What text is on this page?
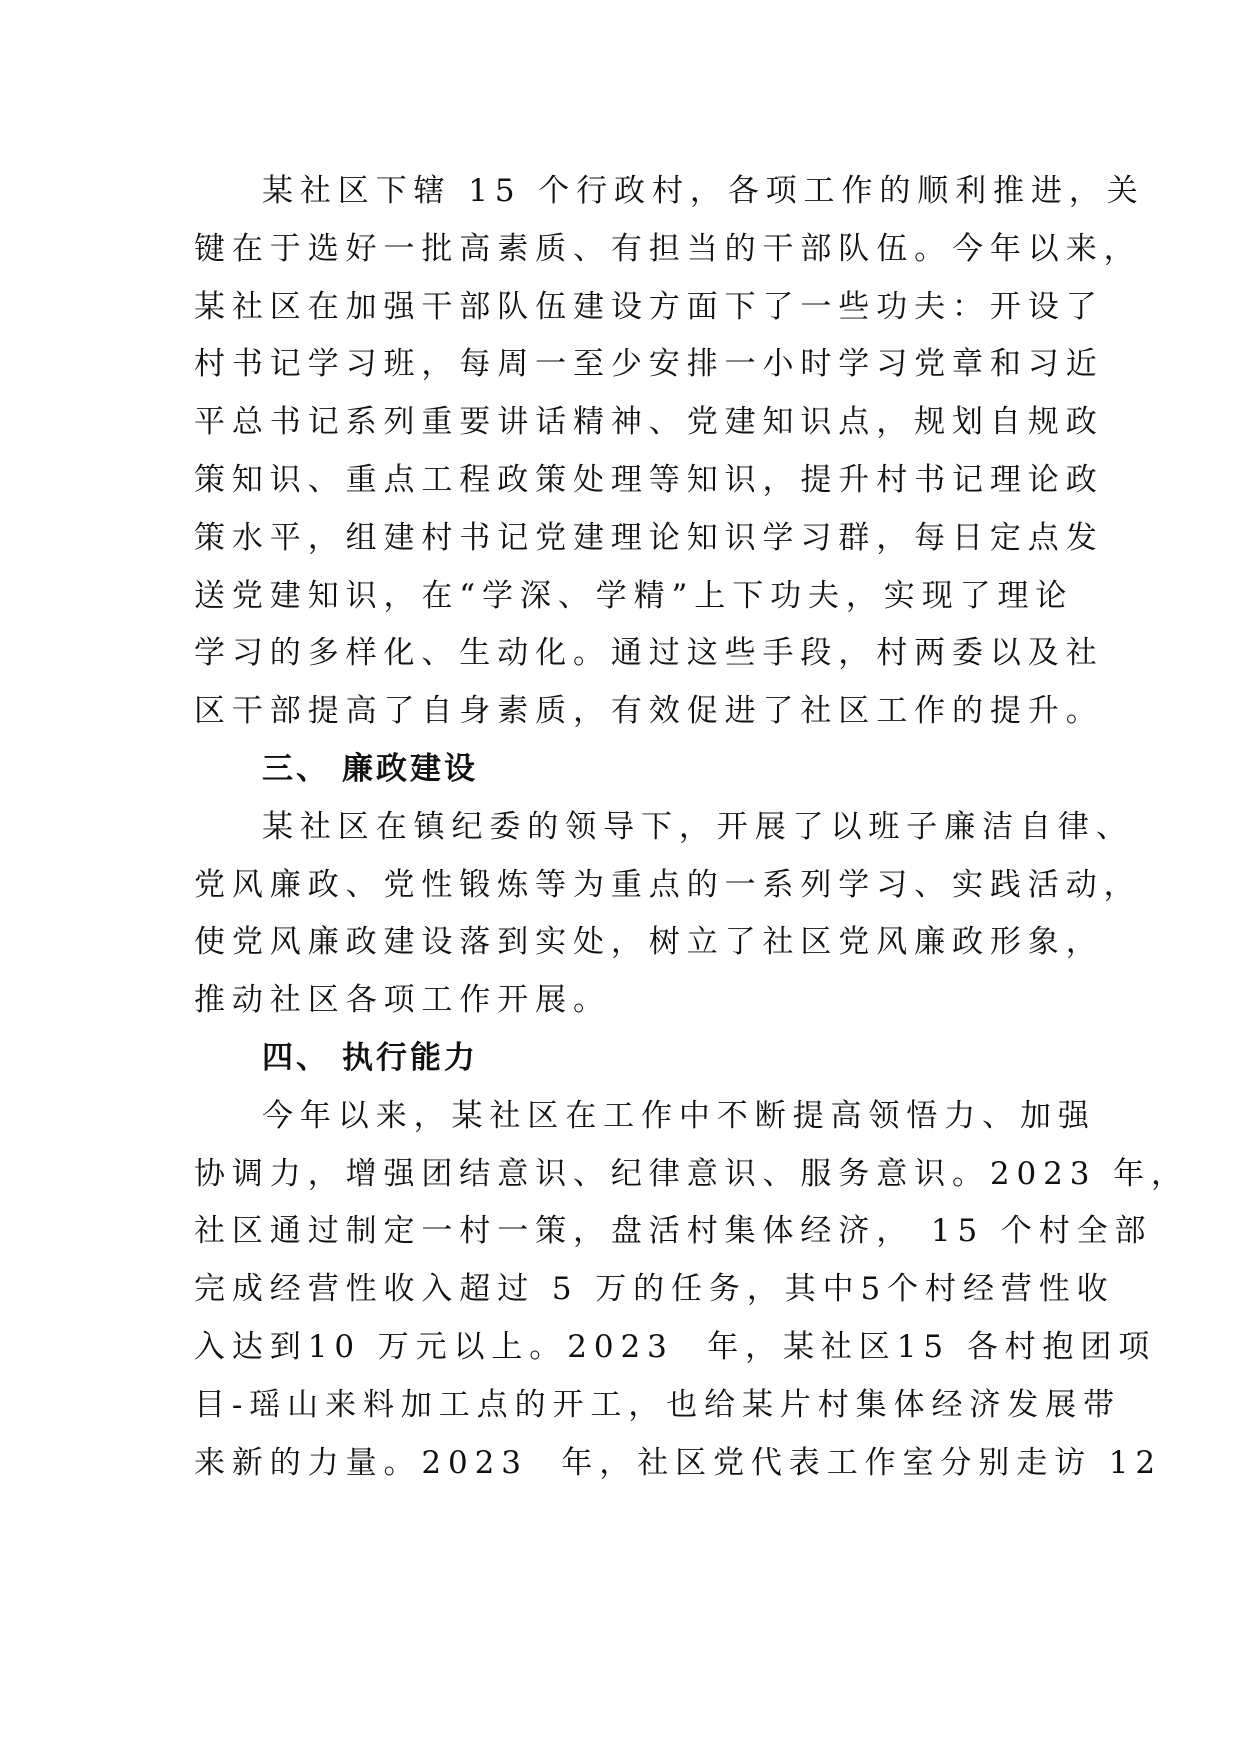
某社区下辖 15 个行政村，各项工作的顺利推进，关
键在于选好一批高素质、有担当的干部队伍。今年以来，
某社区在加强干部队伍建设方面下了一些功夫：开设了
村书记学习班，每周一至少安排一小时学习党章和习近
平总书记系列重要讲话精神、党建知识点，规划自规政
策知识、重点工程政策处理等知识，提升村书记理论政
策水平，组建村书记党建理论知识学习群，每日定点发
送党建知识，在“学深、学精”上下功夫，实现了理论
学习的多样化、生动化。通过这些手段，村两委以及社
区干部提高了自身素质，有效促进了社区工作的提升。
三、 廉政建设
某社区在镇纪委的领导下，开展了以班子廉洁自律、
党风廉政、党性锻炼等为重点的一系列学习、实践活动，
使党风廉政建设落到实处，树立了社区党风廉政形象，
推动社区各项工作开展。
四、 执行能力
今年以来，某社区在工作中不断提高领悟力、加强
协调力，增强团结意识、纪律意识、服务意识。2023 年，
社区通过制定一村一策，盘活村集体经济， 15 个村全部
完成经营性收入超过 5 万的任务，其中5个村经营性收
入达到10 万元以上。2023  年，某社区15 各村抱团项
目-瑶山来料加工点的开工，也给某片村集体经济发展带
来新的力量。2023  年，社区党代表工作室分别走访 12
